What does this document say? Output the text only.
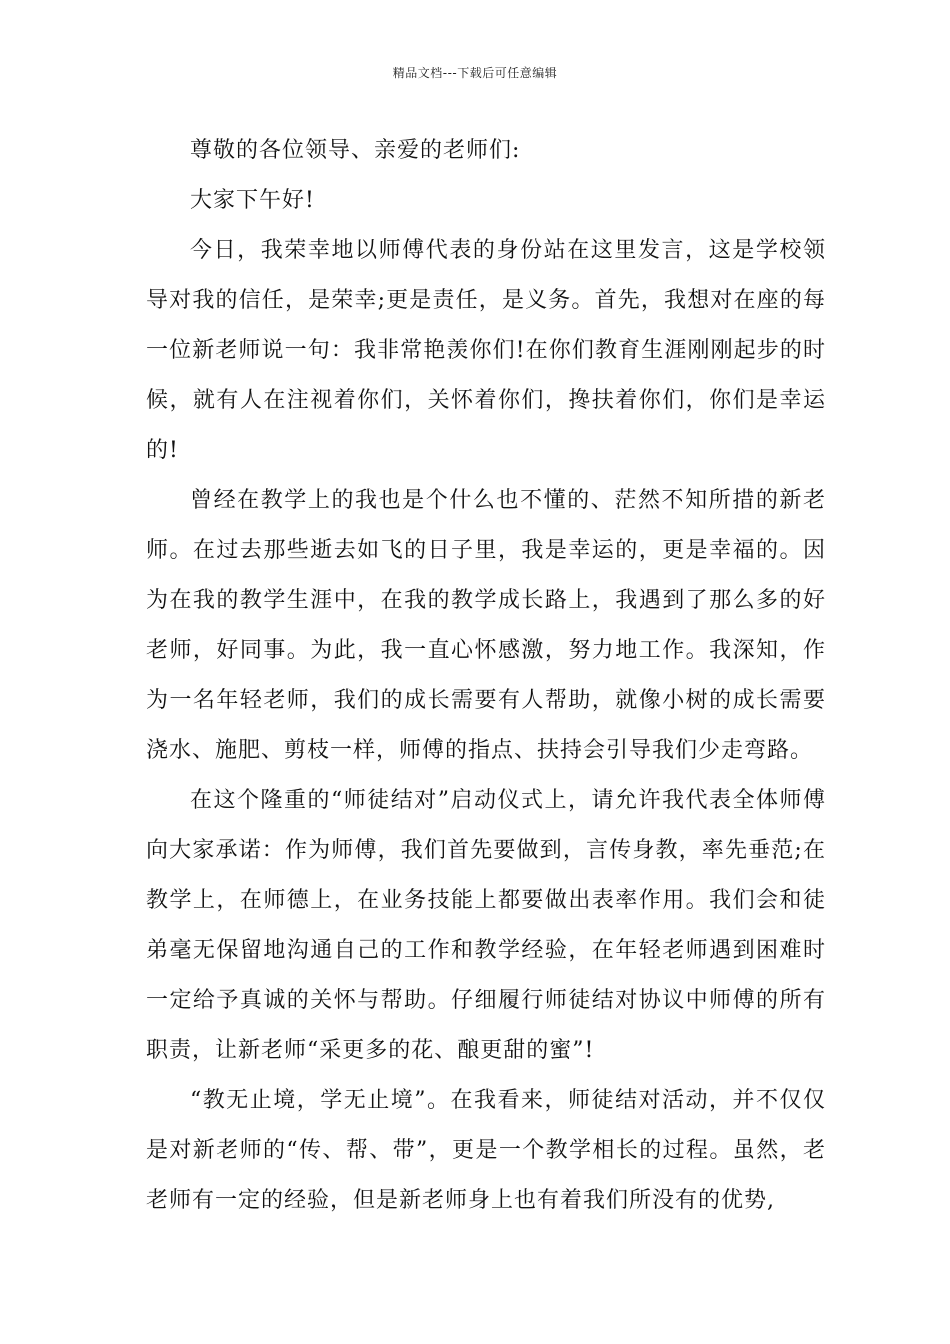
精品文档---下载后可任意编辑

尊敬的各位领导、亲爱的老师们:

大家下午好!

今日，我荣幸地以师傅代表的身份站在这里发言，这是学校领导对我的信任，是荣幸;更是责任，是义务。首先，我想对在座的每一位新老师说一句：我非常艳羡你们!在你们教育生涯刚刚起步的时候，就有人在注视着你们，关怀着你们，搀扶着你们，你们是幸运的!

曾经在教学上的我也是个什么也不懂的、茫然不知所措的新老师。在过去那些逝去如飞的日子里，我是幸运的，更是幸福的。因为在我的教学生涯中，在我的教学成长路上，我遇到了那么多的好老师，好同事。为此，我一直心怀感激，努力地工作。我深知，作为一名年轻老师，我们的成长需要有人帮助，就像小树的成长需要浇水、施肥、剪枝一样，师傅的指点、扶持会引导我们少走弯路。

在这个隆重的“师徒结对”启动仪式上，请允许我代表全体师傅向大家承诺：作为师傅，我们首先要做到，言传身教，率先垂范;在教学上，在师德上，在业务技能上都要做出表率作用。我们会和徒弟毫无保留地沟通自己的工作和教学经验，在年轻老师遇到困难时一定给予真诚的关怀与帮助。仔细履行师徒结对协议中师傅的所有职责，让新老师“采更多的花、酿更甜的蜜”!

“教无止境，学无止境”。在我看来，师徒结对活动，并不仅仅是对新老师的“传、帮、带”，更是一个教学相长的过程。虽然，老老师有一定的经验，但是新老师身上也有着我们所没有的优势,
